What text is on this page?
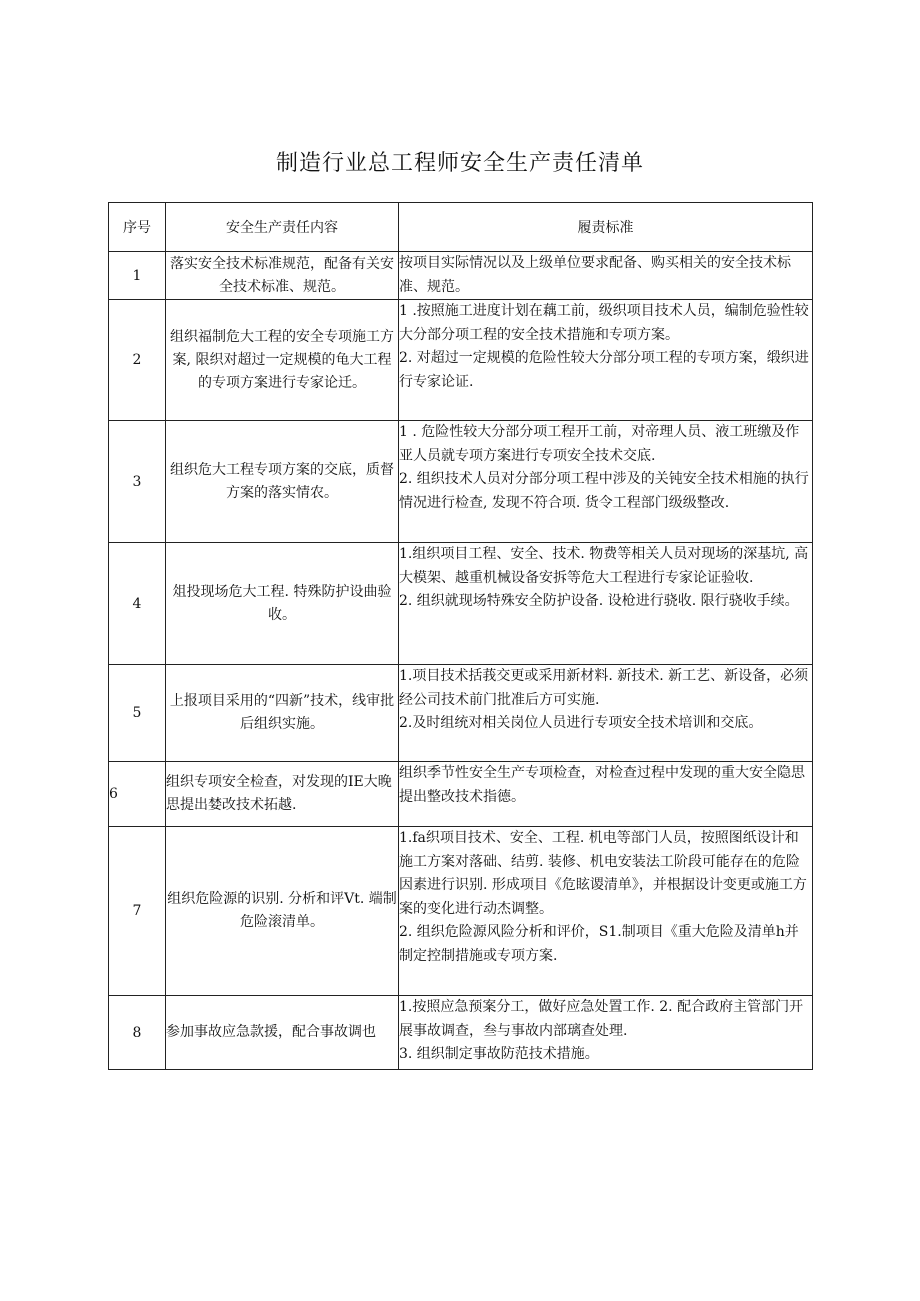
制造行业总工程师安全生产责任清单
序号	安全生产责任内容	履责标准
1	落实安全技术标准规范，配备有关安全技术标准、规范。	按项目实际情况以及上级单位要求配备、购买相关的安全技术标准、规范。

2	组织福制危大工程的安全专项施工方案, 限织对超过一定规模的龟大工程的专项方案进行专家论迁。	1 .按照施工进度计划在藕工前，级织项目技术人员，编制危验性较大分部分项工程的安全技术措施和专项方案。
2. 对超过一定规模的危险性较大分部分项工程的专项方案，缎织进行专家论证.

3	组织危大工程专项方案的交底，质督方案的落实情农。	1 . 危险性较大分部分项工程开工前，对帝理人员、液工班缴及作亚人员就专项方案进行专项安全技术交底.
2. 组织技术人员对分部分项工程中涉及的关钝安全技术相施的执行情况进行检查, 发现不符合项. 货令工程部门级级整改.

4	俎投现场危大工程. 特殊防护设曲验收。	1.组织项目工程、安全、技术. 物费等相关人员对现场的深基坑, 高大模架、越重机械设备安拆等危大工程进行专家论证验收.
2. 组织就现场特殊安全防护设备. 设枪进行骁收. 限行骁收手续。

5	上报项目采用的“四新”技术，线审批后组织实施。	1.项目技术括莪交更或采用新材料. 新技术. 新工艺、新设备，必须经公司技术前门批准后方可实施.
2.及时组统对相关岗位人员进行专项安全技术培训和交底。

6	组织专项安全检查，对发现的IE大晚思提出婪改技术拓越.	组织季节性安全生产专项检查，对检查过程中发现的重大安全隐思提出整改技术指德。

7	组织危险源的识别. 分析和评Vt. 端制危险滚清单。	1.fa织项目技术、安全、工程. 机电等部门人员，按照图纸设计和施工方案对落础、结剪. 装修、机电安装法工阶段可能存在的危险因素进行识别. 形成项目《危眩谡清单》，并根据设计变更或施工方案的变化进行动杰调整。
2. 组织危险源风险分析和评价，S1.制项目《重大危险及清单h并制定控制措施或专项方案.

8	参加事故应急款援，配合事故调也	1.按照应急预案分工，做好应急处置工作. 2. 配合政府主管部门开展事故调查，叁与事故内部璃查处理.
3. 组织制定事故防范技术措施。
